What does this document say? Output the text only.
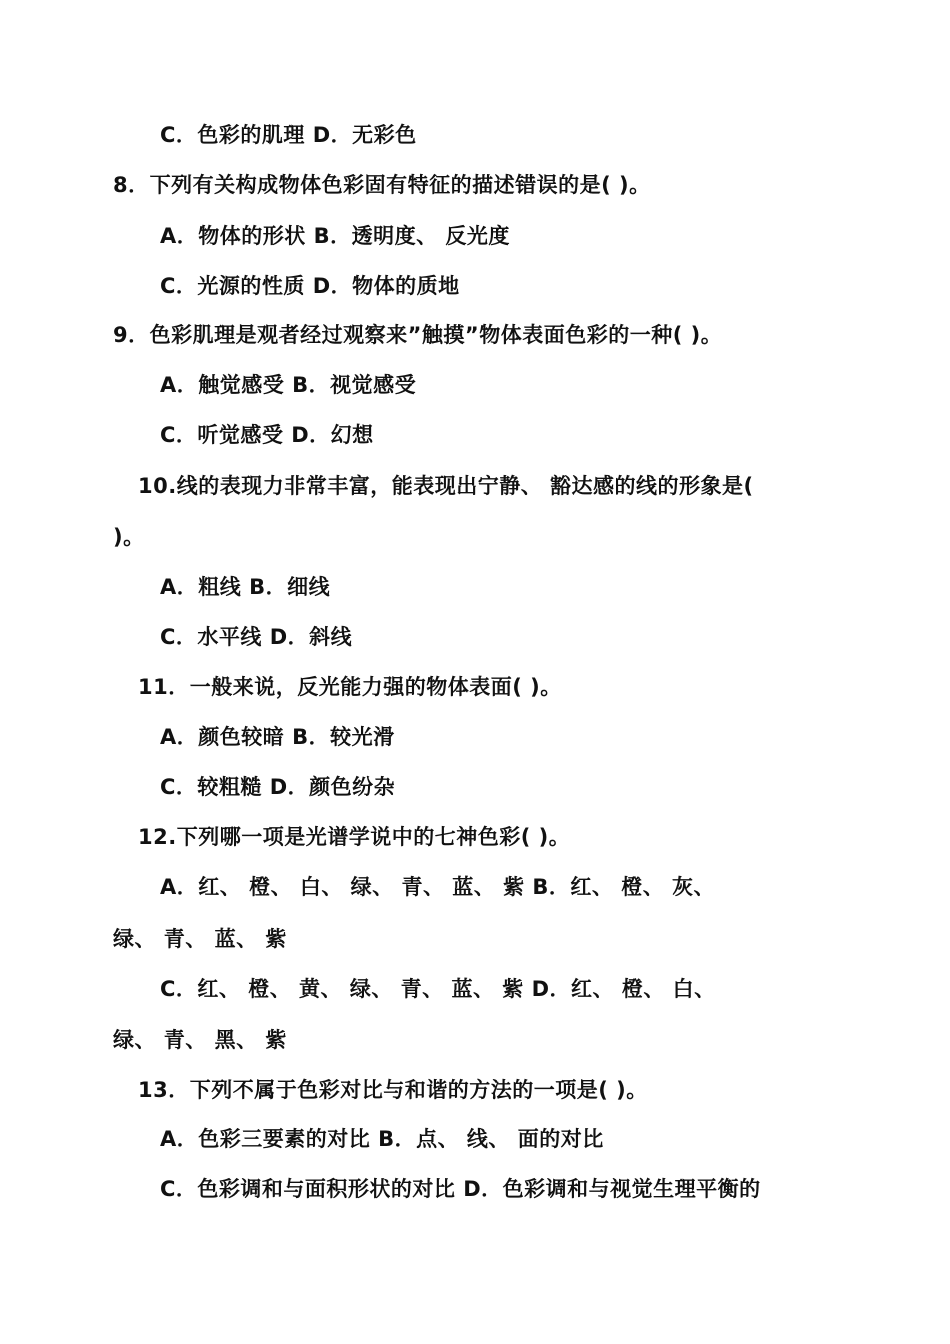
C．色彩的肌理 D．无彩色
8．下列有关构成物体色彩固有特征的描述错误的是( )。
A．物体的形状 B．透明度、 反光度
C．光源的性质 D．物体的质地
9．色彩肌理是观者经过观察来”触摸”物体表面色彩的一种( )。
A．触觉感受 B．视觉感受
C．听觉感受 D．幻想
10.线的表现力非常丰富，能表现出宁静、 豁达感的线的形象是(
)。
A．粗线 B．细线
C．水平线 D．斜线
11．一般来说，反光能力强的物体表面( )。
A．颜色较暗 B．较光滑
C．较粗糙 D．颜色纷杂
12.下列哪一项是光谱学说中的七神色彩( )。
A．红、 橙、 白、 绿、 青、 蓝、 紫 B．红、 橙、 灰、
绿、 青、 蓝、 紫
C．红、 橙、 黄、 绿、 青、 蓝、 紫 D．红、 橙、 白、
绿、 青、 黑、 紫
13．下列不属于色彩对比与和谐的方法的一项是( )。
A．色彩三要素的对比 B．点、 线、 面的对比
C．色彩调和与面积形状的对比 D．色彩调和与视觉生理平衡的
